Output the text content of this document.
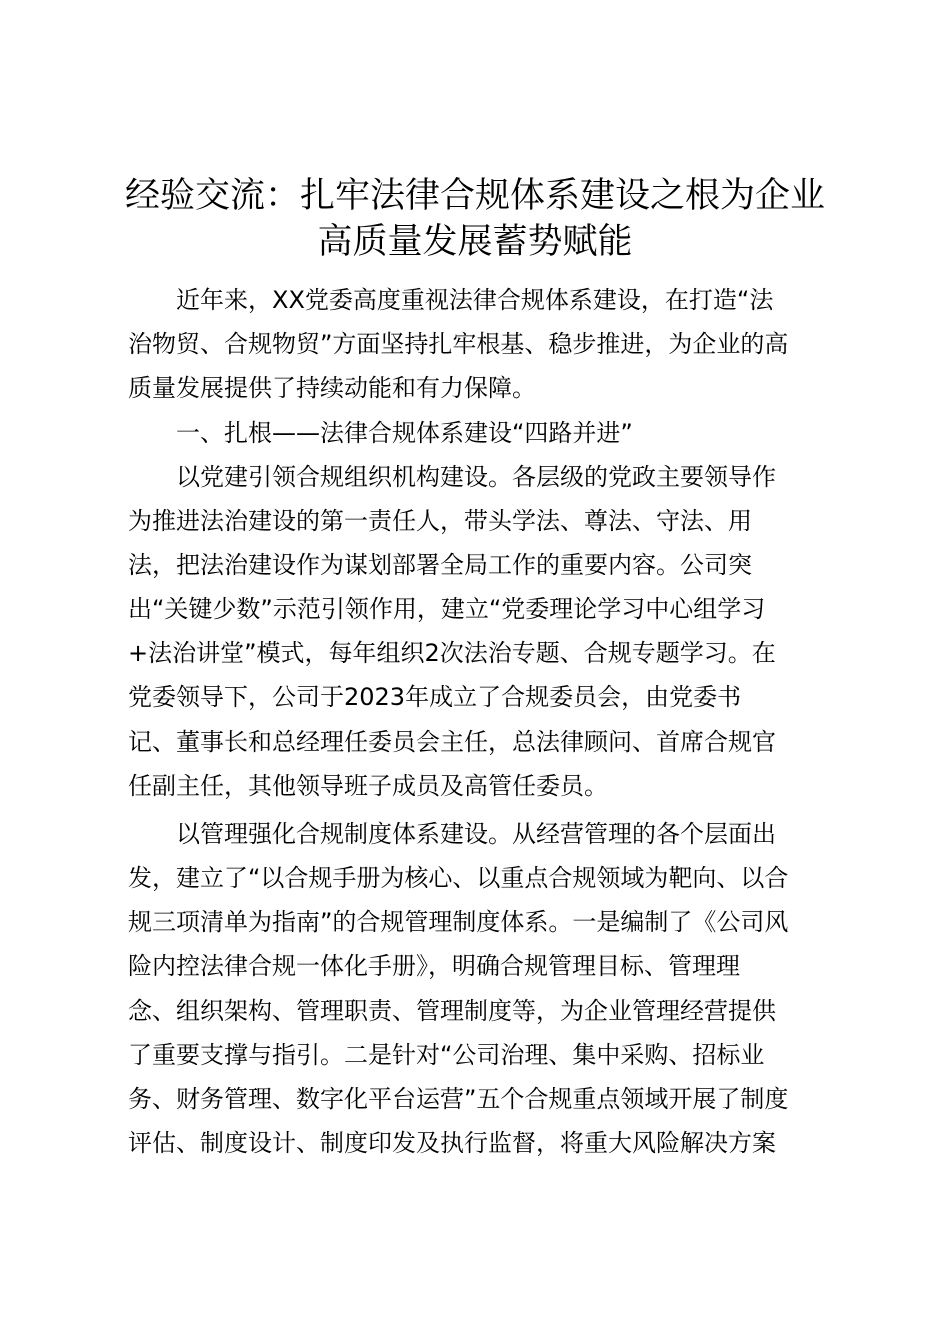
经验交流：扎牢法律合规体系建设之根为企业
高质量发展蓄势赋能
近年来，XX党委高度重视法律合规体系建设，在打造“法
治物贸、合规物贸”方面坚持扎牢根基、稳步推进，为企业的高
质量发展提供了持续动能和有力保障。
一、扎根——法律合规体系建设“四路并进”
以党建引领合规组织机构建设。各层级的党政主要领导作
为推进法治建设的第一责任人，带头学法、尊法、守法、用
法，把法治建设作为谋划部署全局工作的重要内容。公司突
出“关键少数”示范引领作用，建立“党委理论学习中心组学习
+法治讲堂”模式，每年组织2次法治专题、合规专题学习。在
党委领导下，公司于2023年成立了合规委员会，由党委书
记、董事长和总经理任委员会主任，总法律顾问、首席合规官
任副主任，其他领导班子成员及高管任委员。
以管理强化合规制度体系建设。从经营管理的各个层面出
发，建立了“以合规手册为核心、以重点合规领域为靶向、以合
规三项清单为指南”的合规管理制度体系。一是编制了《公司风
险内控法律合规一体化手册》，明确合规管理目标、管理理
念、组织架构、管理职责、管理制度等，为企业管理经营提供
了重要支撑与指引。二是针对“公司治理、集中采购、招标业
务、财务管理、数字化平台运营”五个合规重点领域开展了制度
评估、制度设计、制度印发及执行监督，将重大风险解决方案
